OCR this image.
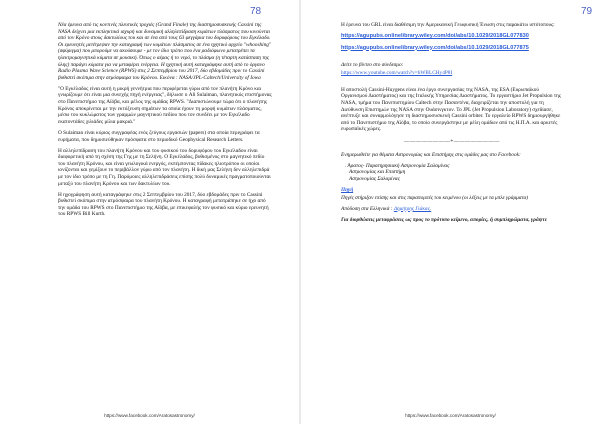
78

Νέα έρευνα από τις κοντινές πλευτικές τροχιές (Grand Finale) της διαστημοσυσκευής Cassini της NASA δείχνει μια εκπληκτικά ισχυρή και δυναμική αλληλεπίδραση κυμάτων πλάσματος που κινούνται από τον Κρόνο στους δακτυλίους του και σε ένα από τους 63 φεγγάρια του δορυφόρους του Εγκέλαδο. Οι ερευνητές μετέτρεψαν την καταγραφή των κυμάτων πλάσματος σε ένα ηχητικό αρχείο "whooshing" (σφύριγμα) που μπορούμε να ακούσουμε - με τον ίδιο τρόπο που ένα ραδιόφωνο μετατρέπει τα ηλεκτρομαγνητικά κύματα σε μουσική. Όπως ο αέρας ή το νερό, το πλάσμα (η τέταρτη κατάσταση της ύλης) παράγει κύματα για να μεταφέρει ενέργεια. Η ηχητική αυτή καταγράφηκε αυτή από το όργανο Radio Plasma Wave Science (RPWS) στις 2 Σεπτεμβρίου του 2017, δύο εβδομάδες πριν το Cassini βυθιστεί σκόπιμα στην ατμόσφαιρα του Κρόνου. Εικόνα : NASA/JPL-Caltech/University of Iowa

"Ο Εγκέλαδος είναι αυτή η μικρή γεννήτρια που περιφέρεται γύρω από τον πλανήτη Κρόνο και γνωρίζουμε ότι είναι μια συνεχής πηγή ενέργειας", δήλωσε ο Ali Sulaiman, πλανητικός επιστήμονας στο Πανεπιστήμιο της Αϊόβα, και μέλος της ομάδας RPWS. "Διαπιστώνουμε τώρα ότι ο πλανήτης Κρόνος αποκρίνεται με την εκτόξευση σημάτων τα οποία έχουν τη μορφή κυμάτων πλάσματος, μέσω του κυκλώματος των γραμμών μαγνητικού πεδίου που τον συνδέει με τον Εγκέλαδο εκατοντάδες χιλιάδες μίλια μακριά."

Ο Sulaiman είναι κύριος συγγραφέας ενός ζεύγους εργασιών (papers) στα οποία περιγράφει τα ευρήματα, που δημοσιεύθηκαν πρόσφατα στο περιοδικό Geophysical Research Letters.

Η αλληλεπίδραση του πλανήτη Κρόνου και του φυσικού του δορυφόρου του Εγκέλαδου είναι διαφορετική από τη σχέση της Γης με τη Σελήνη. Ο Εγκέλαδος, βυθισμένος στο μαγνητικό πεδίο του πλανήτη Κρόνου, και είναι γεωλογικά ενεργός, εκπέμποντας πίδακες ηλιοτρόπου οι οποίοι ιονίζονται και γεμίζουν το περιβάλλον γύρω από τον πλανήτη. Η δική μας Σελήνη δεν αλληλεπιδρά με τον ίδιο τρόπο με τη Γη. Παρόμοιες αλληλεπιδράσεις επίσης πολύ δυναμικές πραγματοποιούνται μεταξύ του πλανήτη Κρόνου και των δακτυλίων του.

Η ηχογράφηση αυτή καταγράφηκε στις 2 Σεπτεμβρίου του 2017, δύο εβδομάδες πριν το Cassini βυθιστεί σκόπιμα στην ατμόσφαιρα του πλανήτη Κρόνου. Η καταγραφή μετατράπηκε σε ήχο από την ομάδα του RPWS στο Πανεπιστήμιο της Αϊόβα, με επικεφαλής τον φυσικό και κύριο ερευνητή του RPWS Bill Kurth.

https://www.facebook.com/Aratosastronomy/
79

Η έρευνα του GRL είναι διαθέσιμη την Αμερικανική Γεωφυσική Ένωση στις παρακάτω ιστότοπους:

https://agupubs.onlinelibrary.wiley.com/doi/abs/10.1029/2018GL077830

https://agupubs.onlinelibrary.wiley.com/doi/abs/10.1029/2018GL077875

Δείτε το βίντεο στο σύνδεσμο:

https://www.youtube.com/watch?v=hWBLCHy4P8I

Η αποστολή Cassini-Huygens είναι ένα έργο συνεργασίας της NASA, της ESA (Ευρωπαϊκού Οργανισμού Διαστήματος) και της Ιταλικής Υπηρεσίας Διαστήματος. Το εργαστήριο Jet Propulsion της NASA, τμήμα του Πανεπιστημίου Caltech στην Πασαντένα, διαχειρίζεται την αποστολή για τη Διεύθυνση Επιστημών της NASA στην Ουάσινγκτον. Το JPL (Jet Propulsion Laboratory) σχεδίασε, ανέπτυξε και συναρμολόγησε τη διαστημοσυσκευή Cassini orbiter. Το εργαλείο RPWS δημιουργήθηκε από το Πανεπιστήμιο της Αϊόβα, το οποίο συνεργάστηκε με μέλη ομάδων από τις Η.Π.Α. και αρκετές ευρωπαϊκές χώρες.

————————*————————

Ενημερωθείτε για θέματα Αστρονομίας και Επιστήμης στις ομάδες μας στο Facebook:

. Άρατος- Παρατηρησιακή Αστρονομία Σαλαμίνας
Αστρονομίας και Επιστήμη
Αστρονομίας Σαλαμίνας
Πηγή

Πηγές στήριξαν επίσης και στις παραπομπές του κειμένου (οι λέξεις με τα μπλε γράμματα)

Απόδοση στα Ελληνικά : Δημήτρης Γιάκας.

Για διορθώσεις μεταφράσεις ως προς το πρότυπο κείμενο, απορίες, ή συμπληρώματα, γράψτε

https://www.facebook.com/Aratosastronomy/
